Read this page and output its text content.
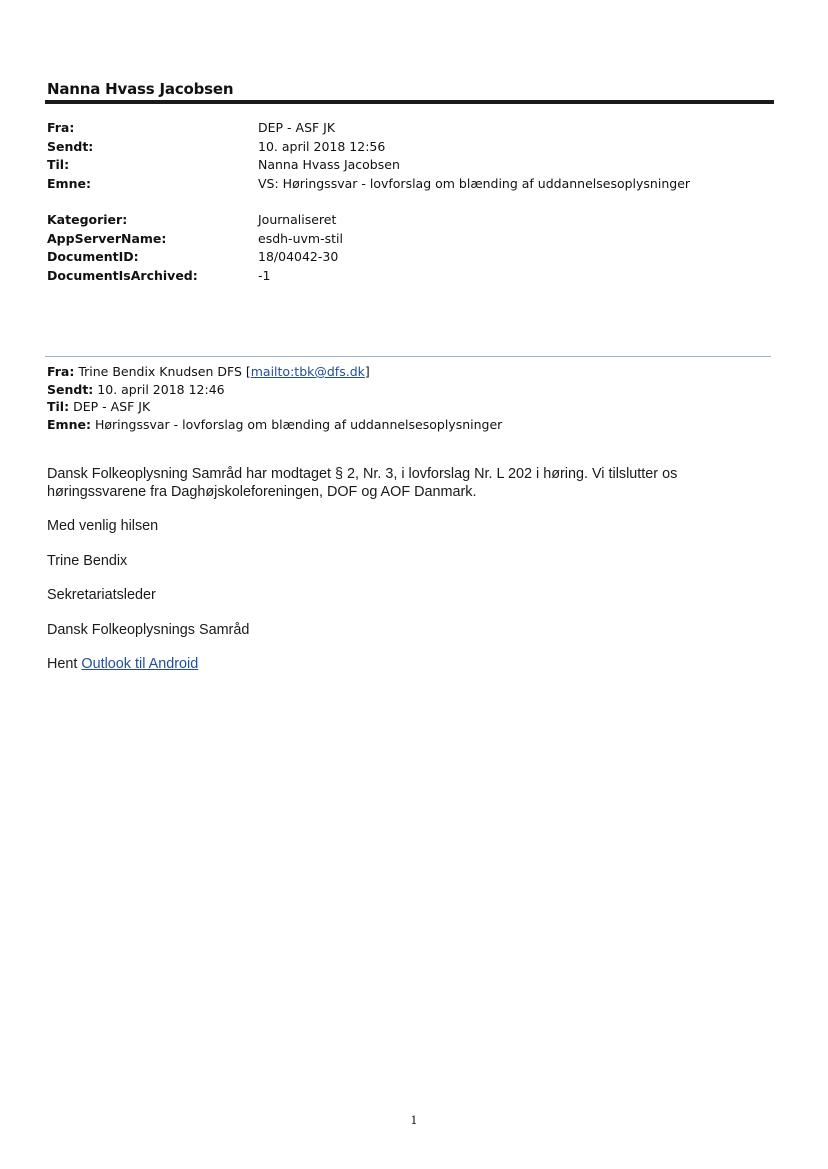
Nanna Hvass Jacobsen
Fra:	DEP - ASF JK
Sendt:	10. april 2018 12:56
Til:	Nanna Hvass Jacobsen
Emne:	VS: Høringssvar - lovforslag om blænding af uddannelsesoplysninger
Kategorier:	Journaliseret
AppServerName:	esdh-uvm-stil
DocumentID:	18/04042-30
DocumentIsArchived:	-1
Fra: Trine Bendix Knudsen DFS [mailto:tbk@dfs.dk]
Sendt: 10. april 2018 12:46
Til: DEP - ASF JK
Emne: Høringssvar - lovforslag om blænding af uddannelsesoplysninger

Dansk Folkeoplysning Samråd har modtaget § 2, Nr. 3, i lovforslag Nr. L 202 i høring. Vi tilslutter os høringssvarene fra Daghøjskoleforeningen, DOF og AOF Danmark.

Med venlig hilsen

Trine Bendix

Sekretariatsleder

Dansk Folkeoplysnings Samråd

Hent Outlook til Android

1
